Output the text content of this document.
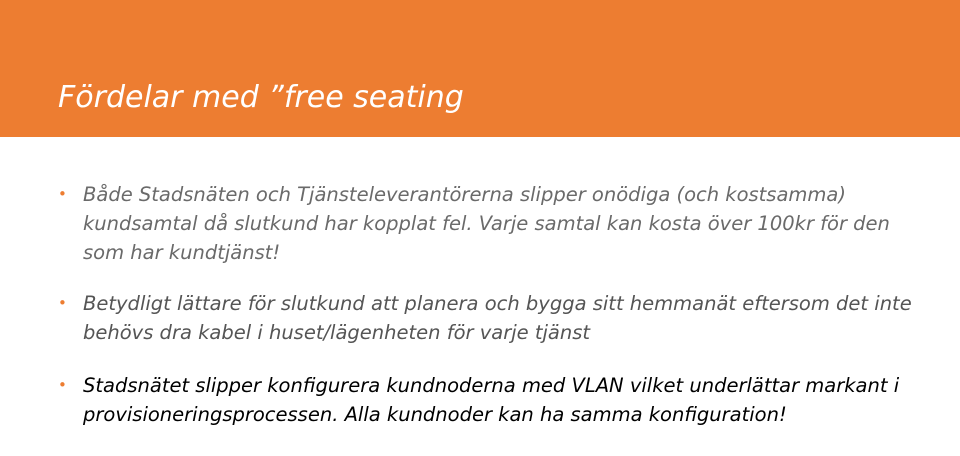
Fördelar med ”free seating
• Både Stadsnäten och Tjänsteleverantörerna slipper onödiga (och kostsamma) kundsamtal då slutkund har kopplat fel. Varje samtal kan kosta över 100kr för den som har kundtjänst!
• Betydligt lättare för slutkund att planera och bygga sitt hemmanät eftersom det inte behövs dra kabel i huset/lägenheten för varje tjänst
• Stadsnätet slipper konfigurera kundnoderna med VLAN vilket underlättar markant i provisioneringsprocessen. Alla kundnoder kan ha samma konfiguration!
